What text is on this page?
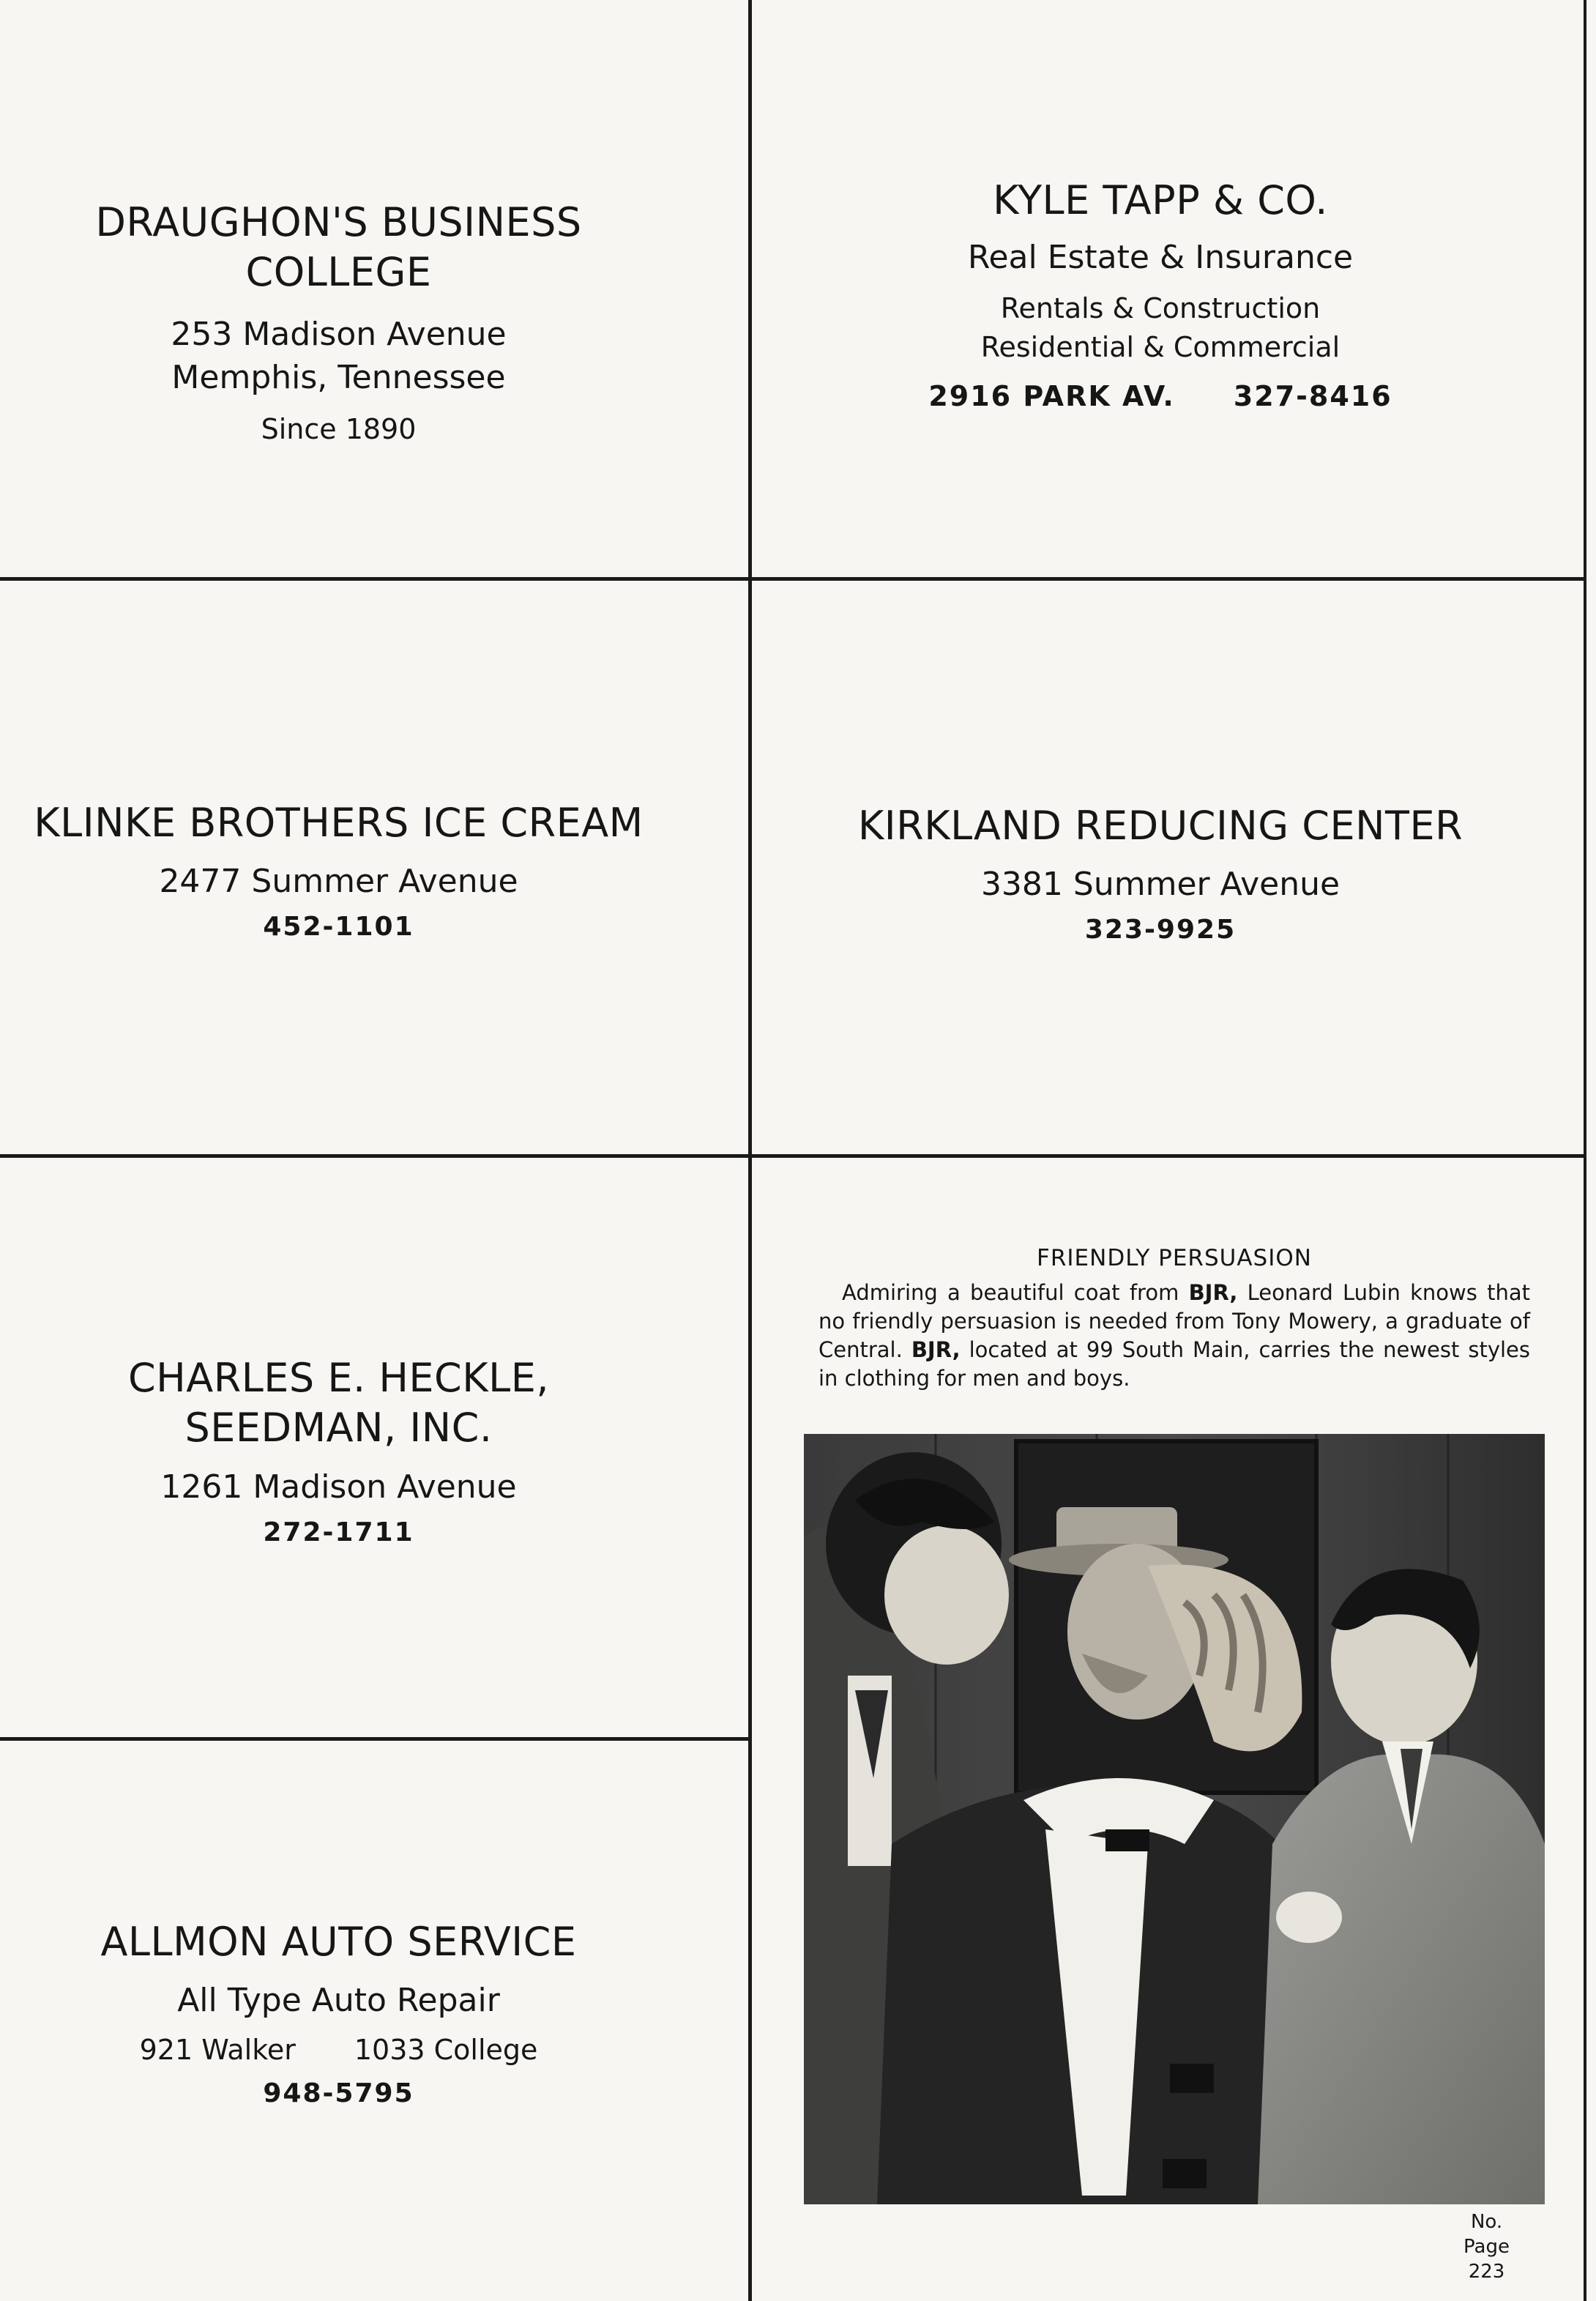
DRAUGHON'S BUSINESS COLLEGE

253 Madison Avenue

Memphis, Tennessee

Since 1890

KYLE TAPP & CO.

Real Estate & Insurance

Rentals & Construction

Residential & Commercial

2916 PARK AV. 327-8416

KLINKE BROTHERS ICE CREAM

2477 Summer Avenue

452-1101

KIRKLAND REDUCING CENTER

3381 Summer Avenue

323-9925

CHARLES E. HECKLE,

SEEDMAN, INC.

1261 Madison Avenue

272-1711

ALLMON AUTO SERVICE

All Type Auto Repair

921 Walker 1033 College

948-5795

FRIENDLY PERSUASION

Admiring a beautiful coat from BJR, Leonard Lubin knows that no friendly persuasion is needed from Tony Mowery, a graduate of Central. BJR, located at 99 South Main, carries the newest styles in clothing for men and boys.

No.
Page
223
